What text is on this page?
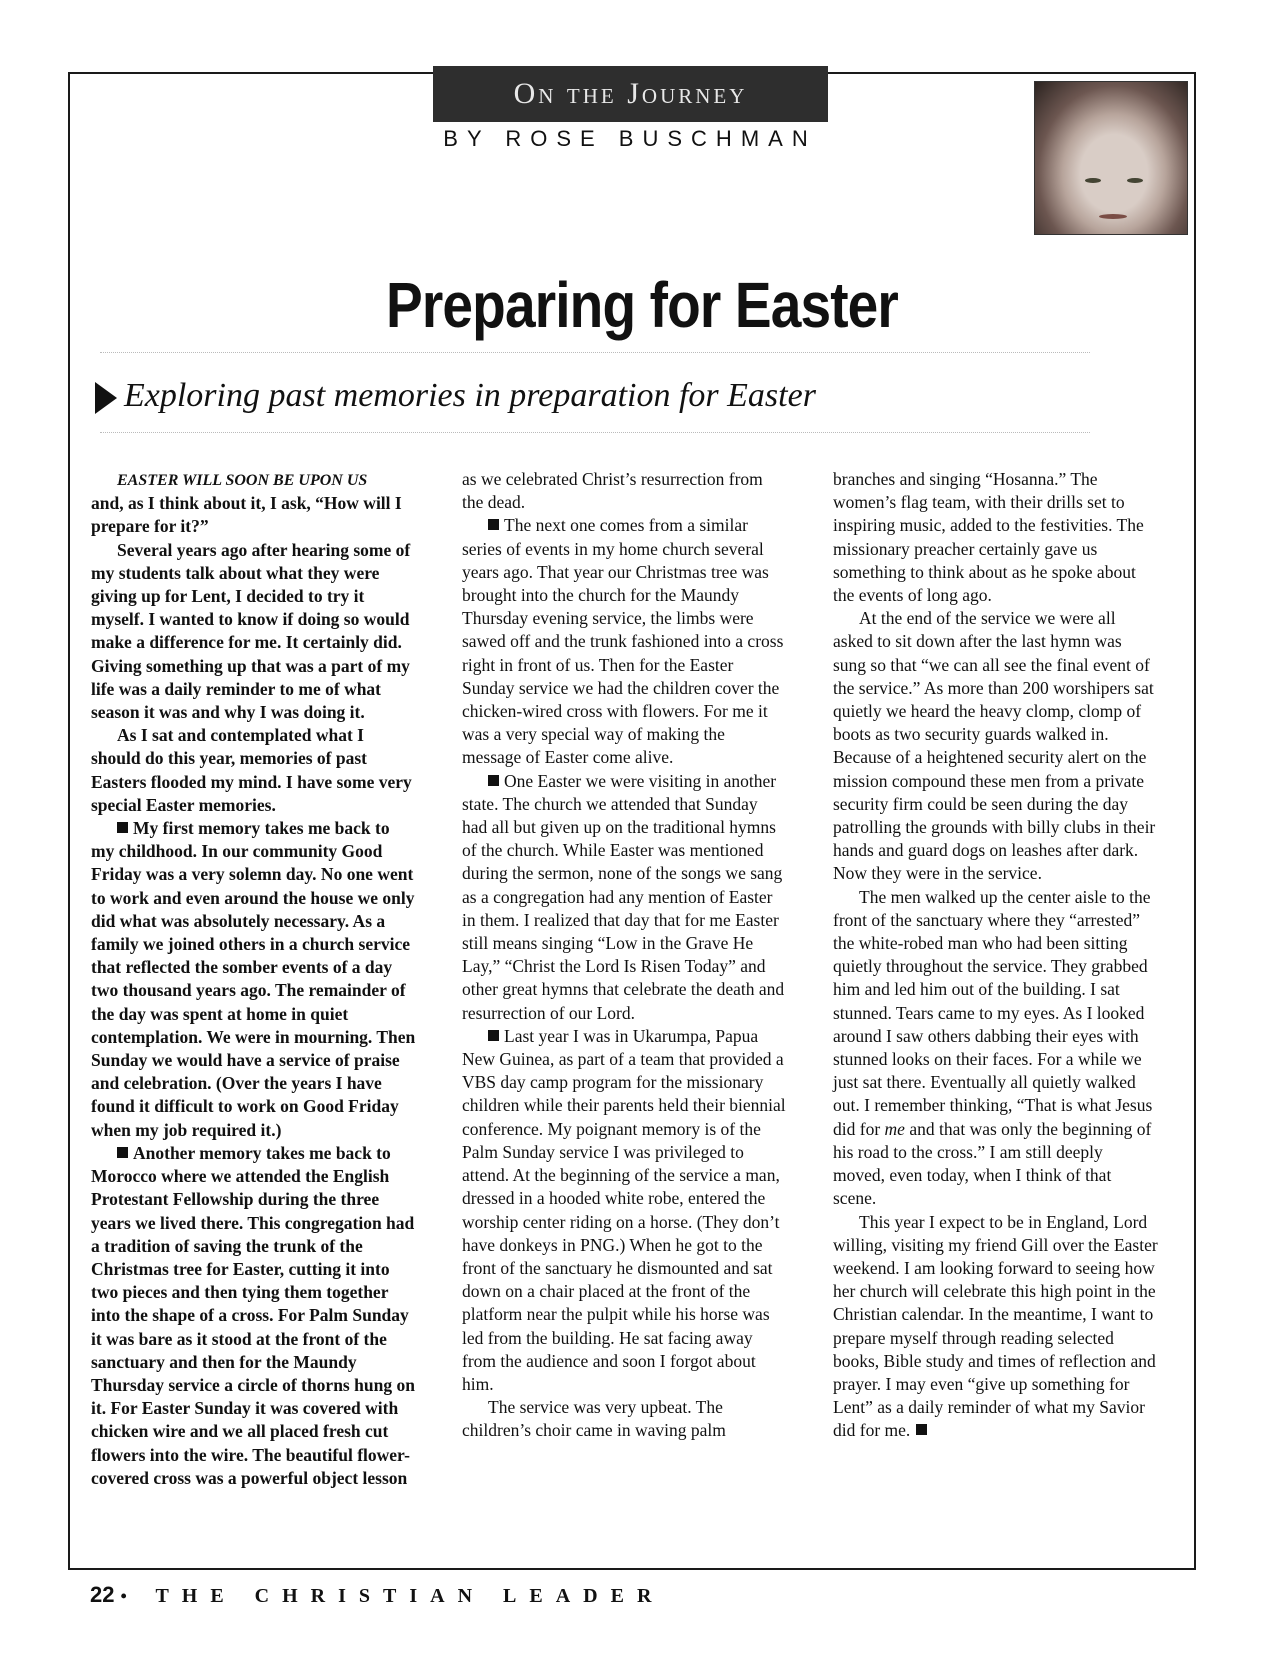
On the Journey
BY ROSE BUSCHMAN
Preparing for Easter
Exploring past memories in preparation for Easter

EASTER WILL SOON BE UPON US

and, as I think about it, I ask, “How will I prepare for it?”

Several years ago after hearing some of my students talk about what they were giving up for Lent, I decided to try it myself. I wanted to know if doing so would make a difference for me. It certainly did. Giving something up that was a part of my life was a daily reminder to me of what season it was and why I was doing it.

As I sat and contemplated what I should do this year, memories of past Easters flooded my mind. I have some very special Easter memories.

My first memory takes me back to my childhood. In our community Good Friday was a very solemn day. No one went to work and even around the house we only did what was absolutely necessary. As a family we joined others in a church service that reflected the somber events of a day two thousand years ago. The remainder of the day was spent at home in quiet contemplation. We were in mourning. Then Sunday we would have a service of praise and celebration. (Over the years I have found it difficult to work on Good Friday when my job required it.)

Another memory takes me back to Morocco where we attended the English Protestant Fellowship during the three years we lived there. This congregation had a tradition of saving the trunk of the Christmas tree for Easter, cutting it into two pieces and then tying them together into the shape of a cross. For Palm Sunday it was bare as it stood at the front of the sanctuary and then for the Maundy Thursday service a circle of thorns hung on it. For Easter Sunday it was covered with chicken wire and we all placed fresh cut flowers into the wire. The beautiful flower-covered cross was a powerful object lesson

as we celebrated Christ’s resurrection from the dead.

The next one comes from a similar series of events in my home church several years ago. That year our Christmas tree was brought into the church for the Maundy Thursday evening service, the limbs were sawed off and the trunk fashioned into a cross right in front of us. Then for the Easter Sunday service we had the children cover the chicken-wired cross with flowers. For me it was a very special way of making the message of Easter come alive.

One Easter we were visiting in another state. The church we attended that Sunday had all but given up on the traditional hymns of the church. While Easter was mentioned during the sermon, none of the songs we sang as a congregation had any mention of Easter in them. I realized that day that for me Easter still means singing “Low in the Grave He Lay,” “Christ the Lord Is Risen Today” and other great hymns that celebrate the death and resurrection of our Lord.

Last year I was in Ukarumpa, Papua New Guinea, as part of a team that provided a VBS day camp program for the missionary children while their parents held their biennial conference. My poignant memory is of the Palm Sunday service I was privileged to attend. At the beginning of the service a man, dressed in a hooded white robe, entered the worship center riding on a horse. (They don’t have donkeys in PNG.) When he got to the front of the sanctuary he dismounted and sat down on a chair placed at the front of the platform near the pulpit while his horse was led from the building. He sat facing away from the audience and soon I forgot about him.

The service was very upbeat. The children’s choir came in waving palm

branches and singing “Hosanna.” The women’s flag team, with their drills set to inspiring music, added to the festivities. The missionary preacher certainly gave us something to think about as he spoke about the events of long ago.

At the end of the service we were all asked to sit down after the last hymn was sung so that “we can all see the final event of the service.” As more than 200 worshipers sat quietly we heard the heavy clomp, clomp of boots as two security guards walked in. Because of a heightened security alert on the mission compound these men from a private security firm could be seen during the day patrolling the grounds with billy clubs in their hands and guard dogs on leashes after dark. Now they were in the service.

The men walked up the center aisle to the front of the sanctuary where they “arrested” the white-robed man who had been sitting quietly throughout the service. They grabbed him and led him out of the building. I sat stunned. Tears came to my eyes. As I looked around I saw others dabbing their eyes with stunned looks on their faces. For a while we just sat there. Eventually all quietly walked out. I remember thinking, “That is what Jesus did for me and that was only the beginning of his road to the cross.” I am still deeply moved, even today, when I think of that scene.

This year I expect to be in England, Lord willing, visiting my friend Gill over the Easter weekend. I am looking forward to seeing how her church will celebrate this high point in the Christian calendar. In the meantime, I want to prepare myself through reading selected books, Bible study and times of reflection and prayer. I may even “give up something for Lent” as a daily reminder of what my Savior did for me.

22 • THE CHRISTIAN LEADER
